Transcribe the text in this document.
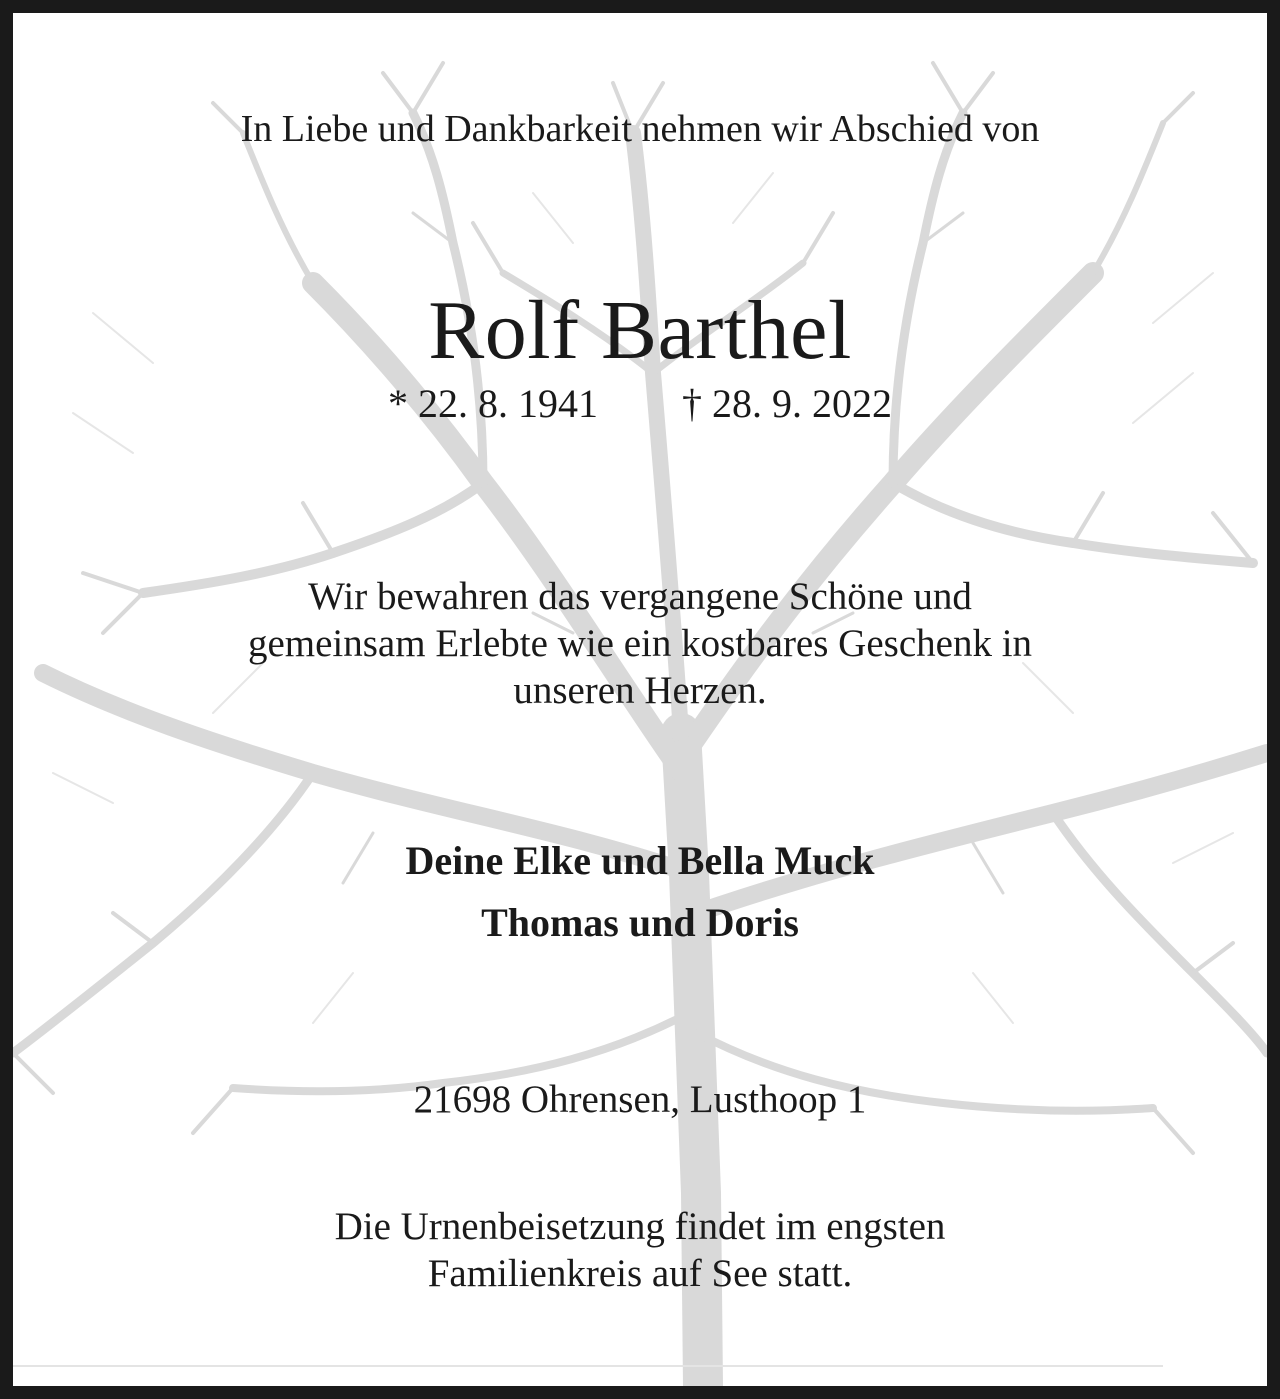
In Liebe und Dankbarkeit nehmen wir Abschied von
Rolf Barthel
* 22. 8. 1941 † 28. 9. 2022
Wir bewahren das vergangene Schöne und
gemeinsam Erlebte wie ein kostbares Geschenk in
unseren Herzen.
Deine Elke und Bella Muck
Thomas und Doris
21698 Ohrensen, Lusthoop 1
Die Urnenbeisetzung findet im engsten
Familienkreis auf See statt.
